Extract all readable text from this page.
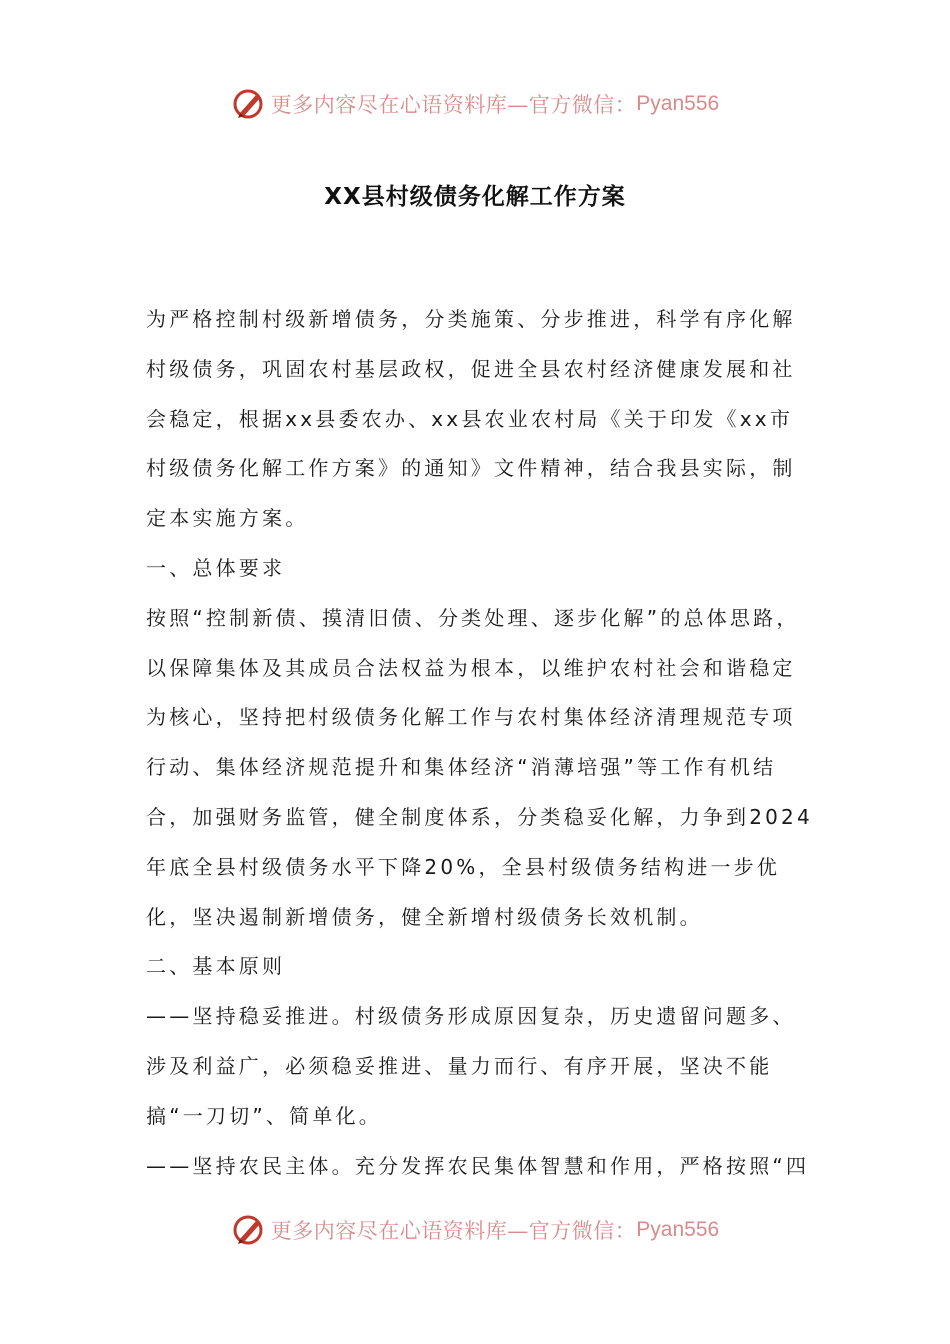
更多内容尽在心语资料库—官方微信： Pyan556
XX县村级债务化解工作方案

为严格控制村级新增债务，分类施策、分步推进，科学有序化解村级债务，巩固农村基层政权，促进全县农村经济健康发展和社会稳定，根据xx县委农办、xx县农业农村局《关于印发《xx市村级债务化解工作方案》的通知》文件精神，结合我县实际，制定本实施方案。

一、总体要求

按照“控制新债、摸清旧债、分类处理、逐步化解”的总体思路，以保障集体及其成员合法权益为根本，以维护农村社会和谐稳定为核心，坚持把村级债务化解工作与农村集体经济清理规范专项行动、集体经济规范提升和集体经济“消薄培强”等工作有机结合，加强财务监管，健全制度体系，分类稳妥化解，力争到2024年底全县村级债务水平下降20%，全县村级债务结构进一步优化，坚决遏制新增债务，健全新增村级债务长效机制。

二、基本原则

——坚持稳妥推进。村级债务形成原因复杂，历史遗留问题多、涉及利益广，必须稳妥推进、量力而行、有序开展，坚决不能搞“一刀切”、简单化。

——坚持农民主体。充分发挥农民集体智慧和作用，严格按照“四

更多内容尽在心语资料库—官方微信： Pyan556
